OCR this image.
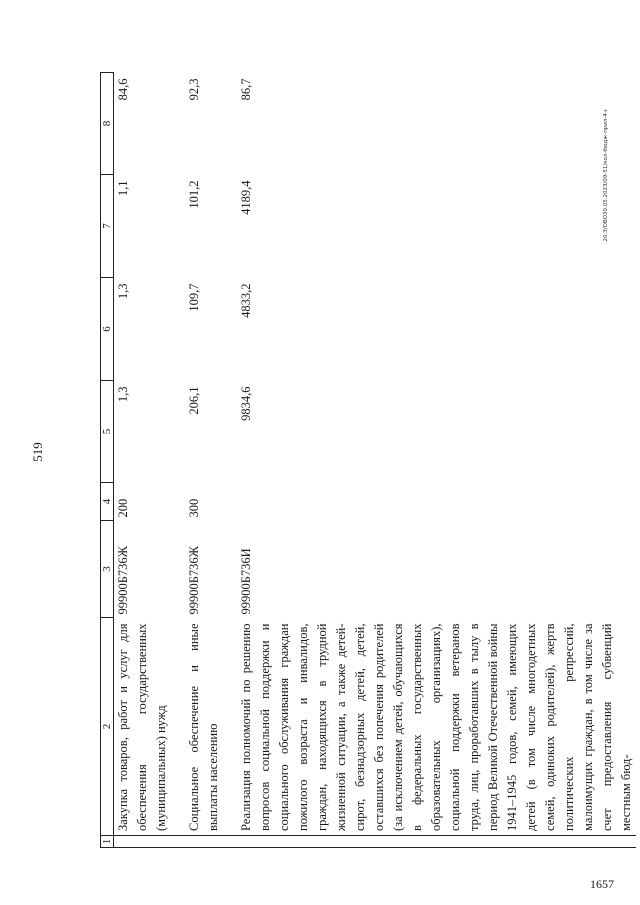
519
20.3/ОВО30.05.2023/09-51/кол-бюдж-прил-4+
1657
1	2	3	4	5	6	7	8
	Закупка товаров, работ и услуг для обеспечения государственных (муниципальных) нужд	99900Б736Ж	200	1,3	1,3	1,1	84,6
	Социальное обеспечение и иные выплаты населению	99900Б736Ж	300	206,1	109,7	101,2	92,3
	Реализация полномочий по решению вопросов социальной поддержки и социального обслуживания граждан пожилого возраста и инвалидов, граждан, находящихся в трудной жизненной ситуации, а также детей-сирот, безнадзорных детей, детей, оставшихся без попечения родителей (за исключением детей, обучающихся в федеральных государственных образовательных организациях), социальной поддержки ветеранов труда, лиц, проработавших в тылу в период Великой Отечественной войны 1941–1945 годов, семей, имеющих детей (в том числе многодетных семей, одиноких родителей), жертв политических репрессий, малоимущих граждан, в том числе за счет предоставления субвенций местным бюд-	99900Б736И		9834,6	4833,2	4189,4	86,7
